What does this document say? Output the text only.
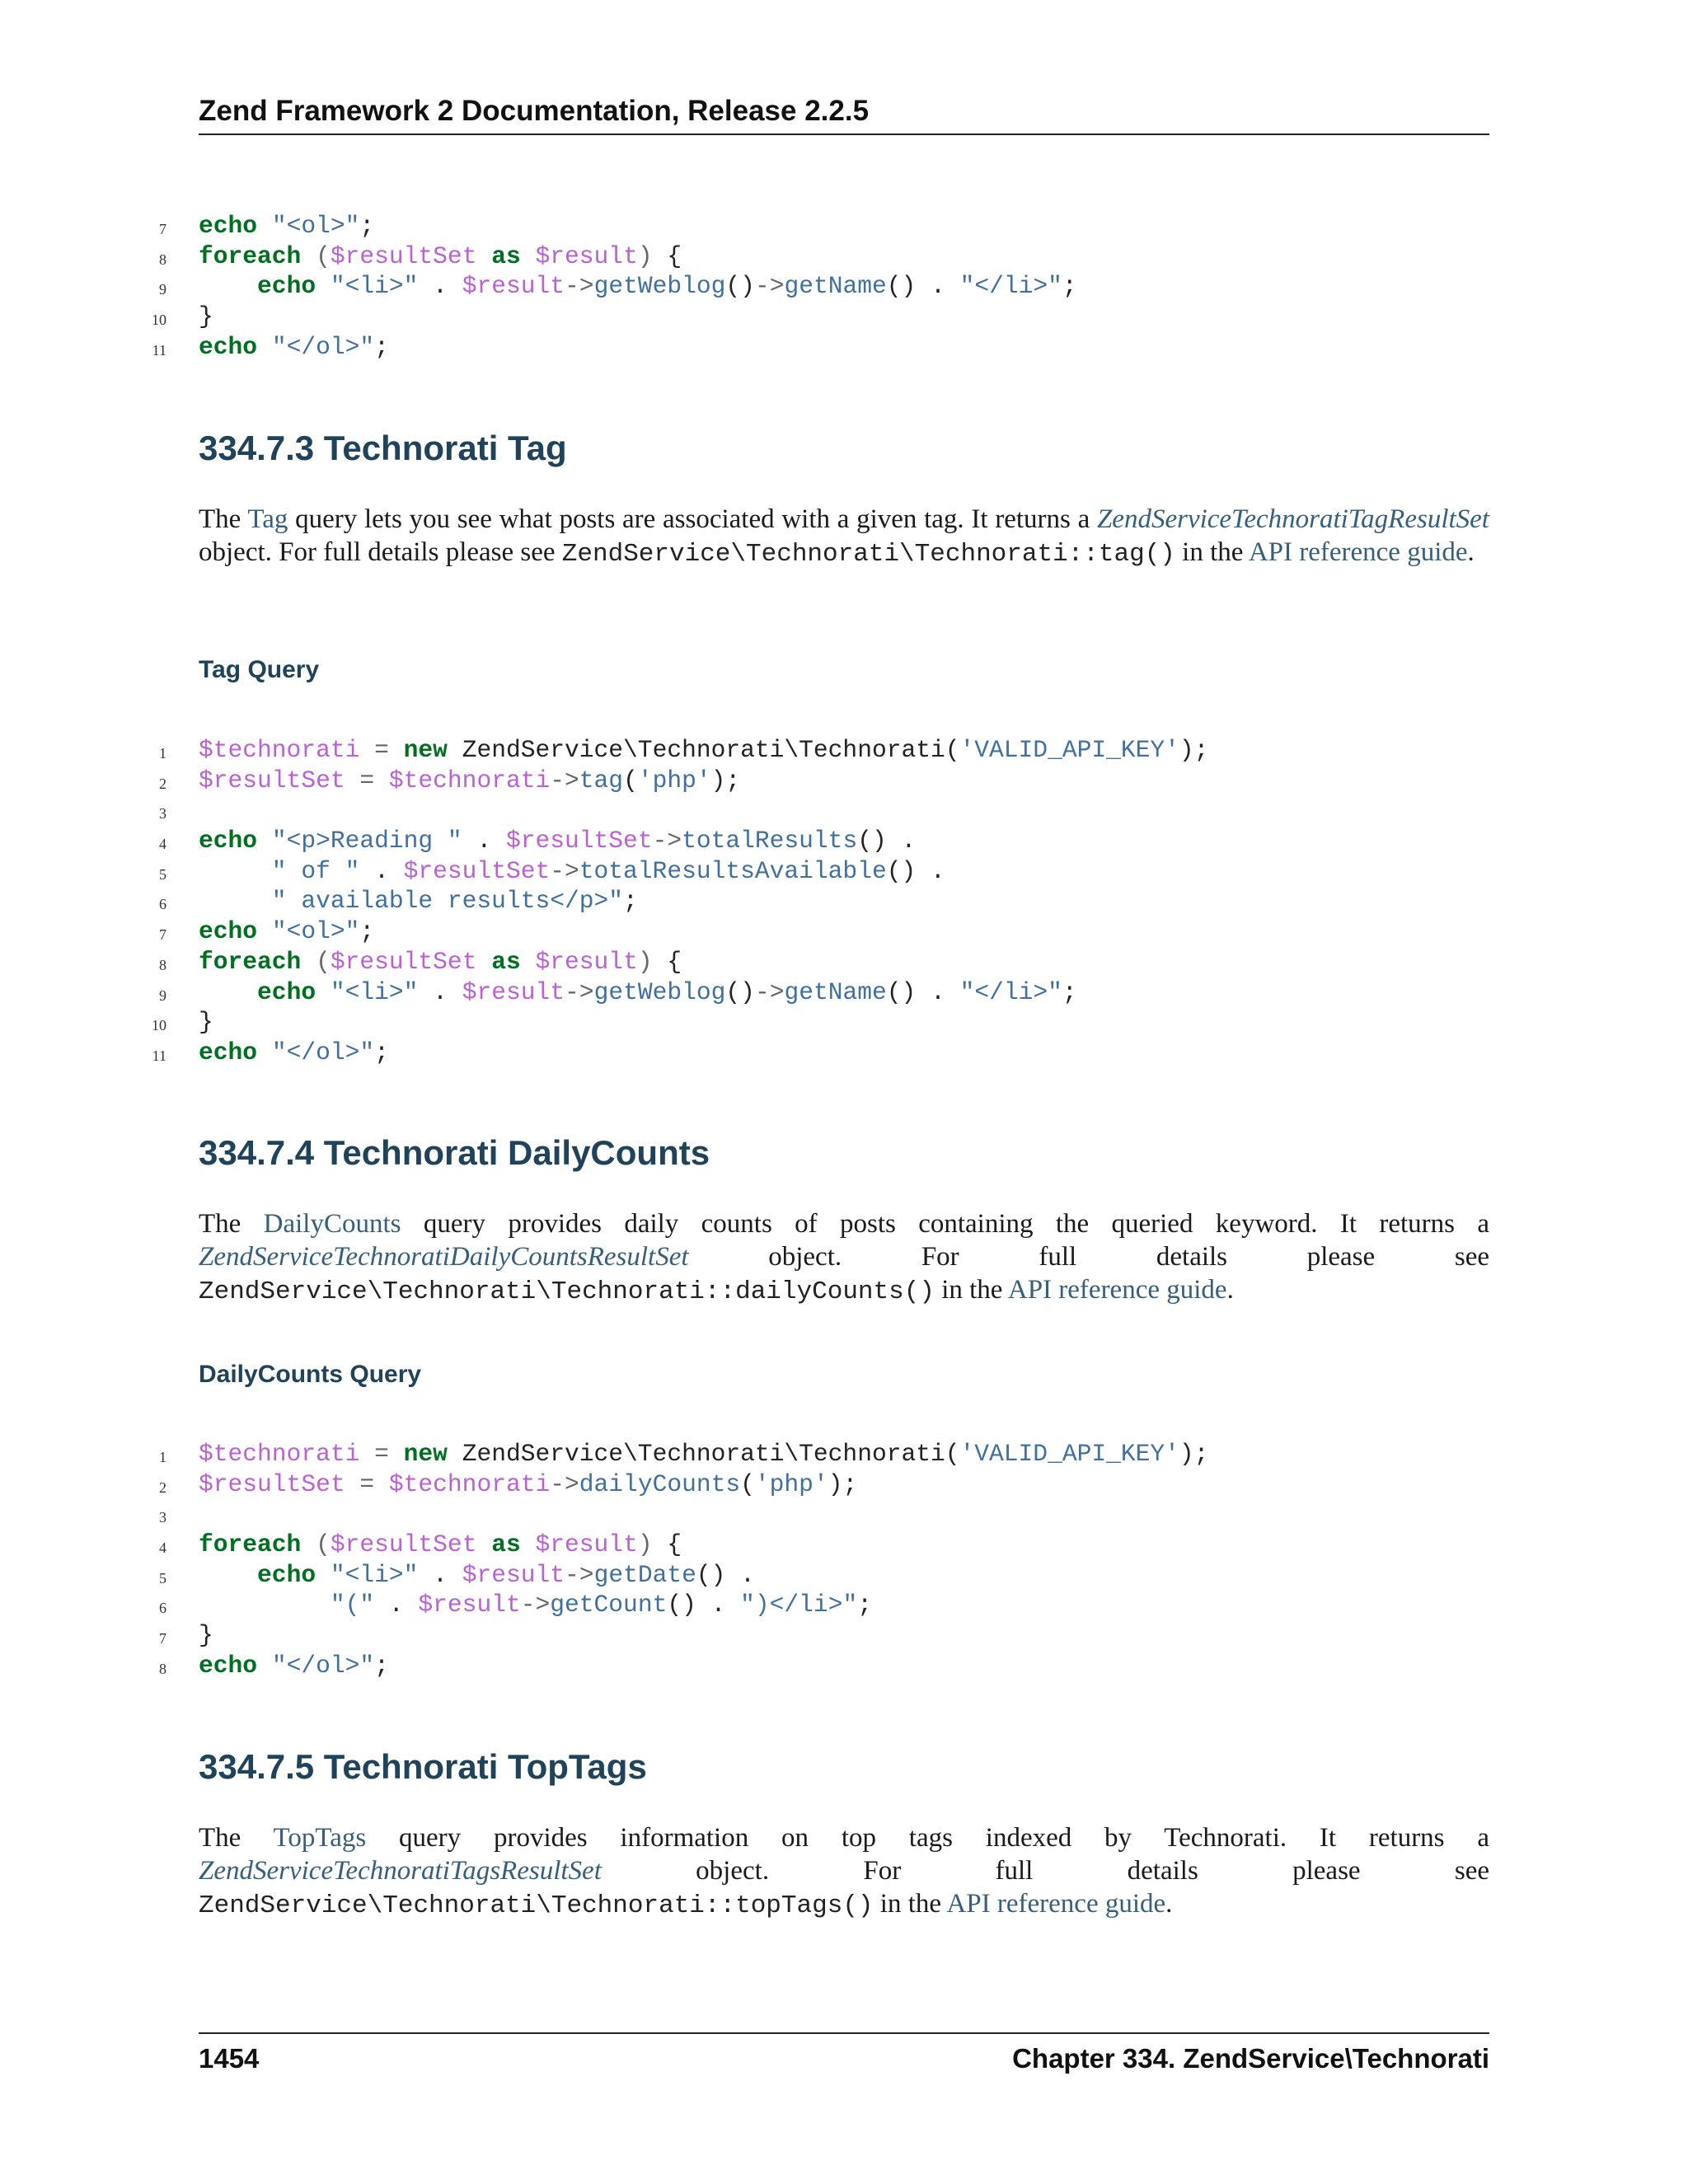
Zend Framework 2 Documentation, Release 2.2.5
7 echo "<ol>";
8 foreach ($resultSet as $result) {
9	echo "<li>" . $result->getWeblog()->getName() . "</li>";
10 }
11 echo "</ol>";
334.7.3 Technorati Tag

The Tag query lets you see what posts are associated with a given tag. It returns a ZendServiceTechnoratiTagResultSet object. For full details please see ZendService\Technorati\Technorati::tag() in the API reference guide.

Tag Query
1 $technorati = new ZendService\Technorati\Technorati('VALID_API_KEY');
2 $resultSet = $technorati->tag('php');
3
4 echo "<p>Reading " . $resultSet->totalResults() .
5	" of " . $resultSet->totalResultsAvailable() .
6	" available results</p>";
7 echo "<ol>";
8 foreach ($resultSet as $result) {
9	echo "<li>" . $result->getWeblog()->getName() . "</li>";
10 }
11 echo "</ol>";
334.7.4 Technorati DailyCounts

The DailyCounts query provides daily counts of posts containing the queried keyword. It returns a ZendServiceTechnoratiDailyCountsResultSet object. For full details please see ZendService\Technorati\Technorati::dailyCounts() in the API reference guide.

DailyCounts Query
1 $technorati = new ZendService\Technorati\Technorati('VALID_API_KEY');
2 $resultSet = $technorati->dailyCounts('php');
3
4 foreach ($resultSet as $result) {
5	echo "<li>" . $result->getDate() .
6	"(" . $result->getCount() . ")</li>";
7 }
8 echo "</ol>";
334.7.5 Technorati TopTags

The TopTags query provides information on top tags indexed by Technorati. It returns a ZendServiceTechnoratiTagsResultSet object. For full details please see ZendService\Technorati\Technorati::topTags() in the API reference guide.

1454	Chapter 334. ZendService\Technorati
